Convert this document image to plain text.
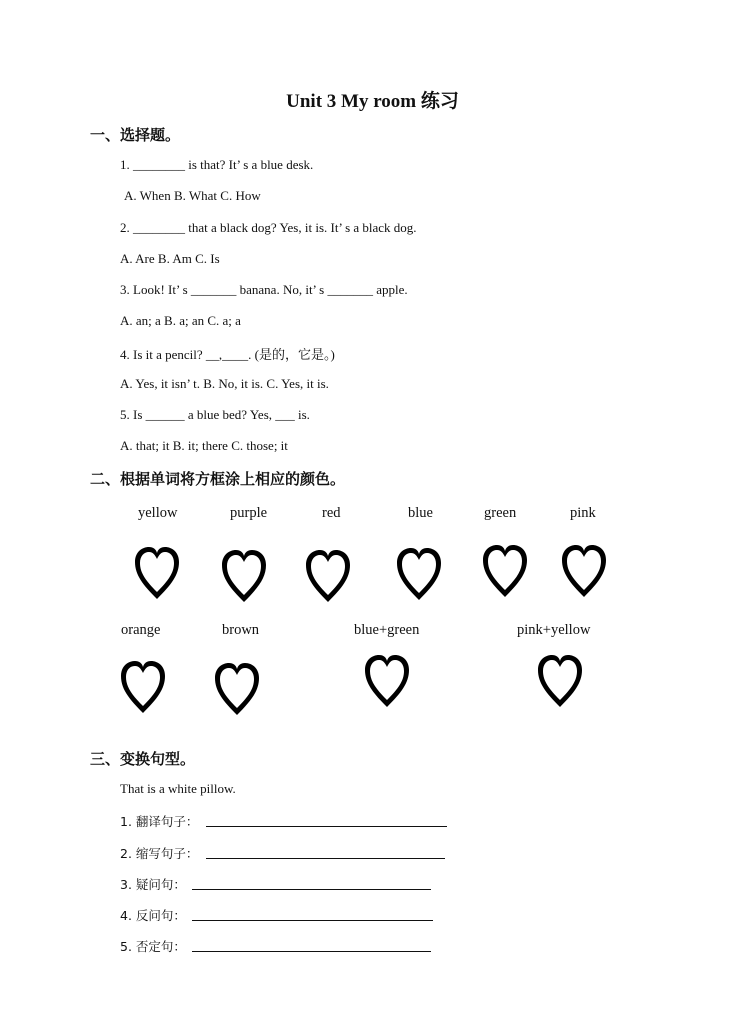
Unit 3 My room 练习
一、选择题。
1. ________ is that? It’ s a blue desk.
A. When B. What C. How
2. ________ that a black dog? Yes, it is. It’ s a black dog.
A. Are B. Am C. Is
3. Look! It’ s _______ banana. No, it’ s _______ apple.
A. an; a B. a; an C. a; a
4. Is it a pencil? __,____. (是的，它是。)
A. Yes, it isn’ t. B. No, it is. C. Yes, it is.
5. Is ______ a blue bed? Yes, ___ is.
A. that; it B. it; there C. those; it
二、根据单词将方框涂上相应的颜色。
yellow	purple	red	blue	green	pink
orange	brown	blue+green	pink+yellow
三、变换句型。
That is a white pillow.
1. 翻译句子：
2. 缩写句子：
3. 疑问句：
4. 反问句：
5. 否定句：
